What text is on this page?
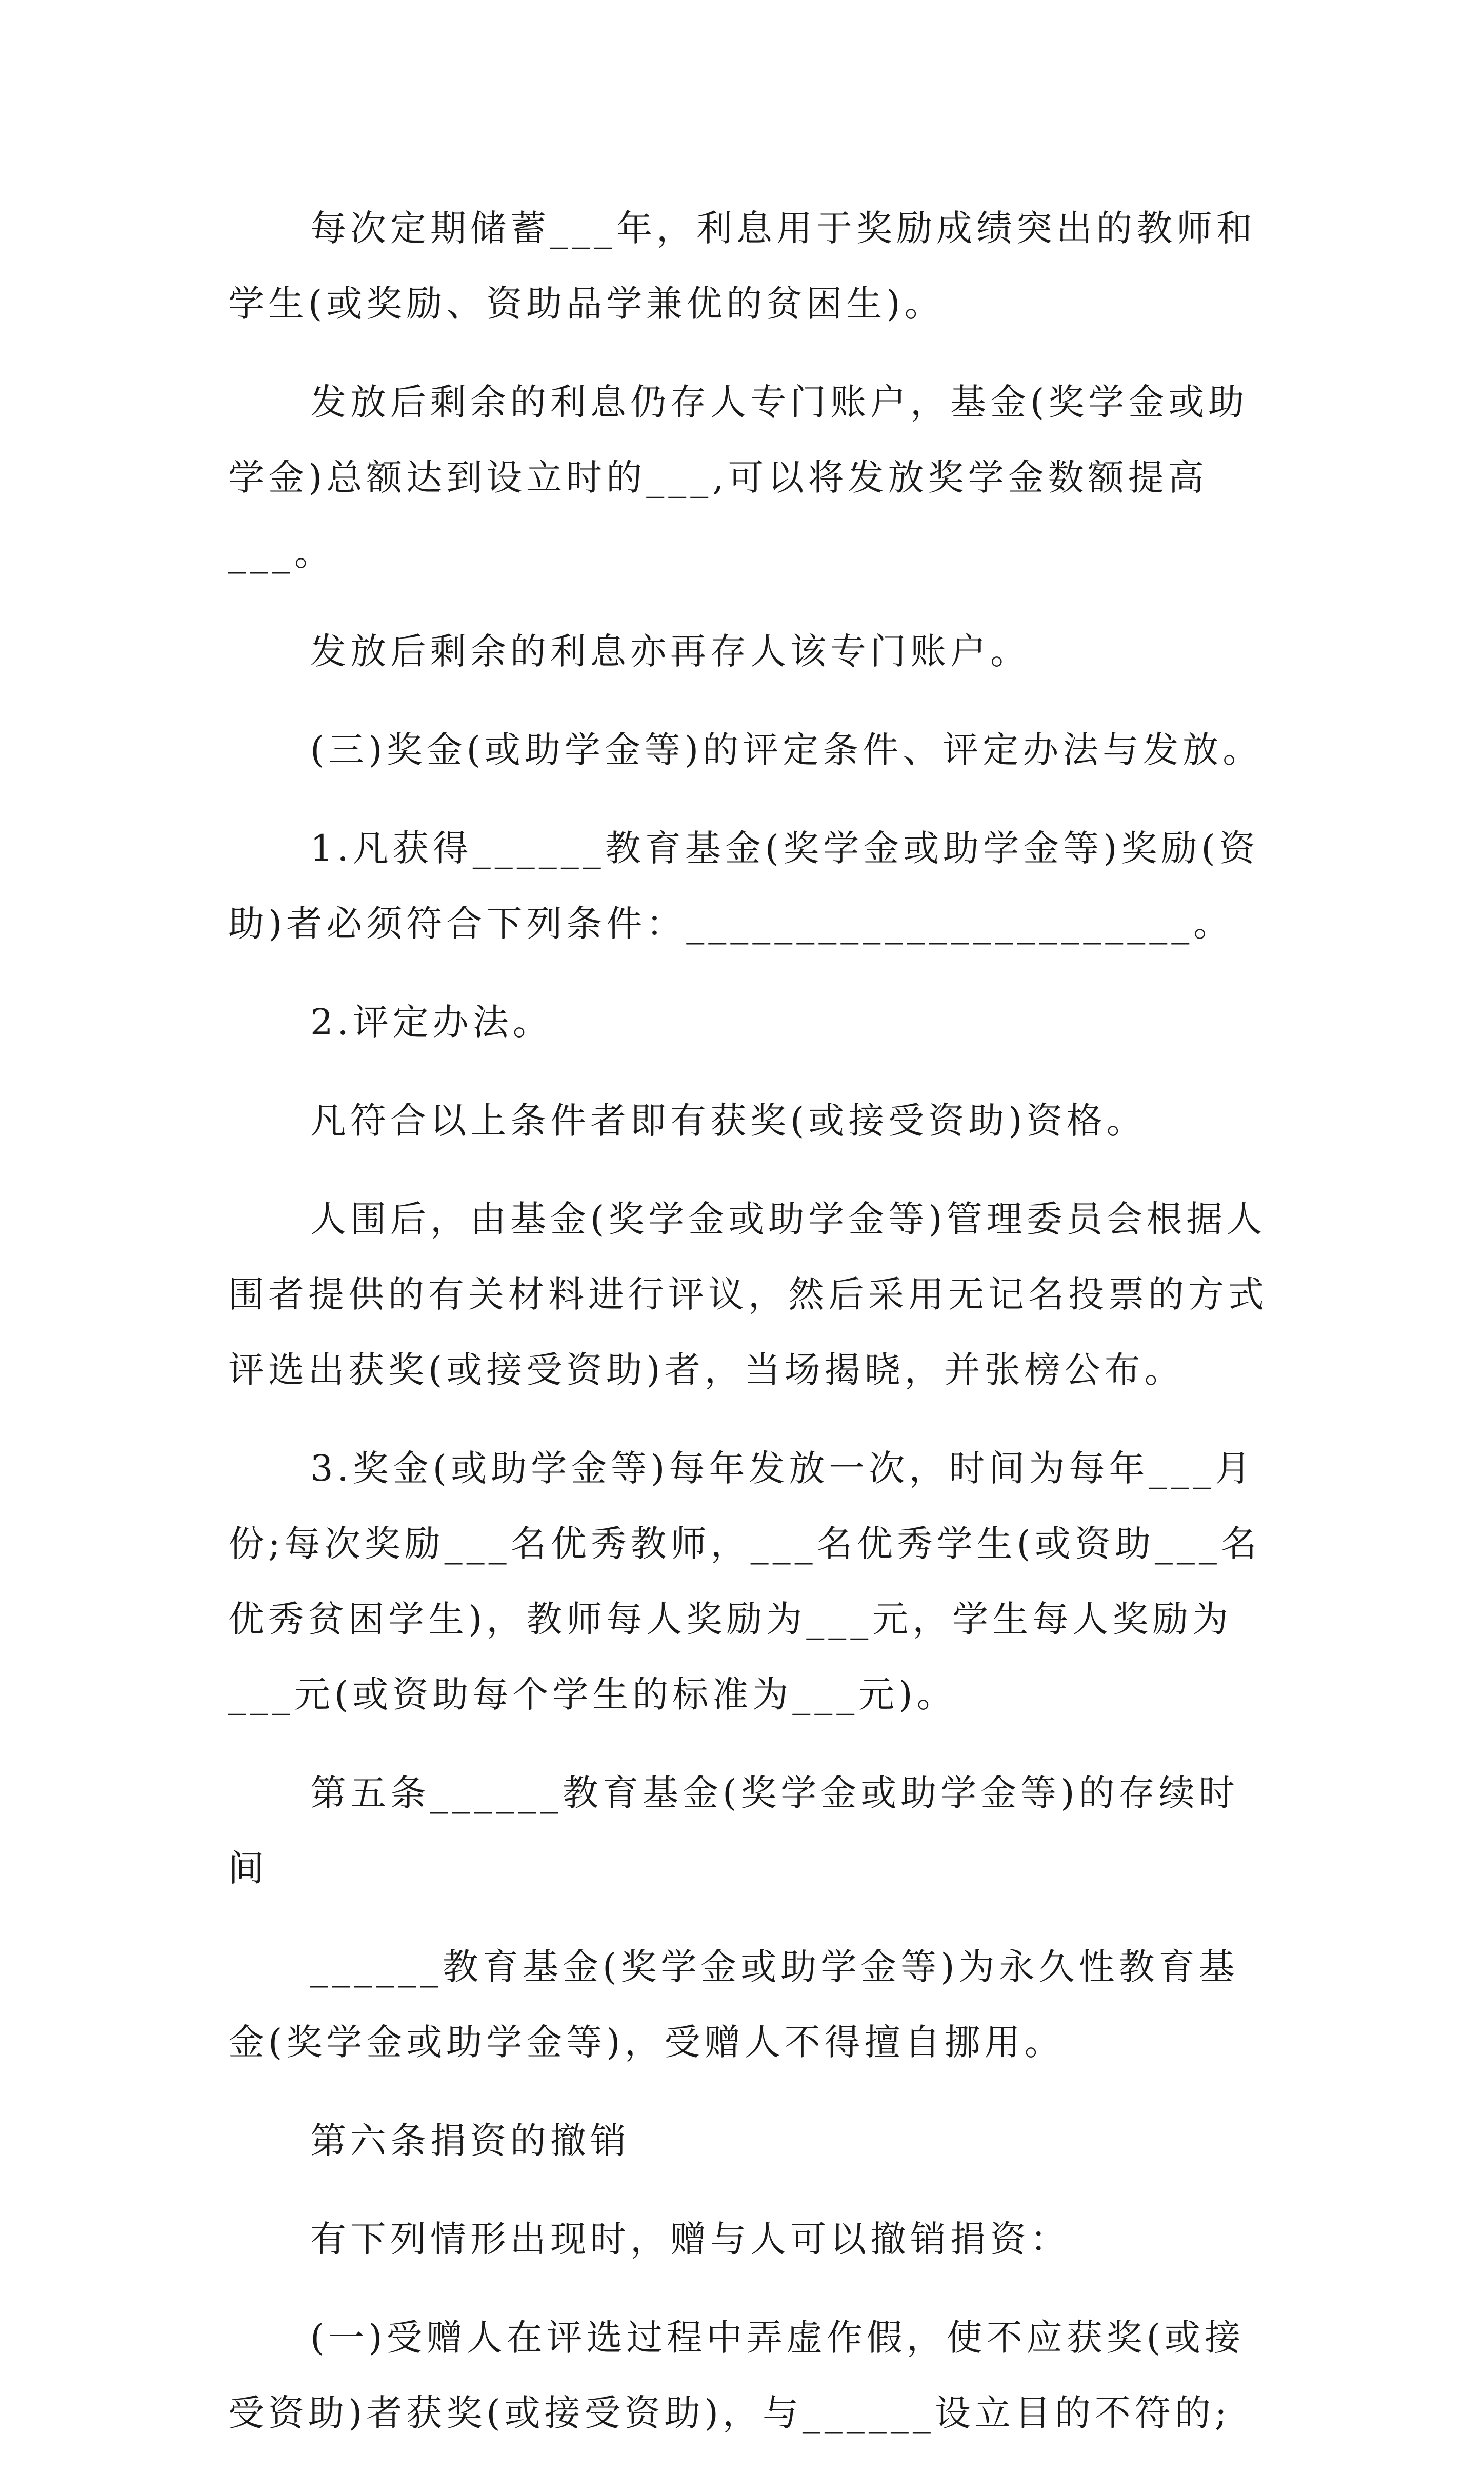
每次定期储蓄___年，利息用于奖励成绩突出的教师和学生(或奖励、资助品学兼优的贫困生)。

发放后剩余的利息仍存人专门账户，基金(奖学金或助学金)总额达到设立时的___,可以将发放奖学金数额提高___。

发放后剩余的利息亦再存人该专门账户。

(三)奖金(或助学金等)的评定条件、评定办法与发放。

1.凡获得______教育基金(奖学金或助学金等)奖励(资助)者必须符合下列条件：_______________________。

2.评定办法。

凡符合以上条件者即有获奖(或接受资助)资格。

人围后，由基金(奖学金或助学金等)管理委员会根据人围者提供的有关材料进行评议，然后采用无记名投票的方式评选出获奖(或接受资助)者，当场揭晓，并张榜公布。

3.奖金(或助学金等)每年发放一次，时间为每年___月份;每次奖励___名优秀教师，___名优秀学生(或资助___名优秀贫困学生)，教师每人奖励为___元，学生每人奖励为___元(或资助每个学生的标准为___元)。

第五条______教育基金(奖学金或助学金等)的存续时间

______教育基金(奖学金或助学金等)为永久性教育基金(奖学金或助学金等)，受赠人不得擅自挪用。

第六条捐资的撤销

有下列情形出现时，赠与人可以撤销捐资：

(一)受赠人在评选过程中弄虚作假，使不应获奖(或接受资助)者获奖(或接受资助)，与______设立目的不符的;
